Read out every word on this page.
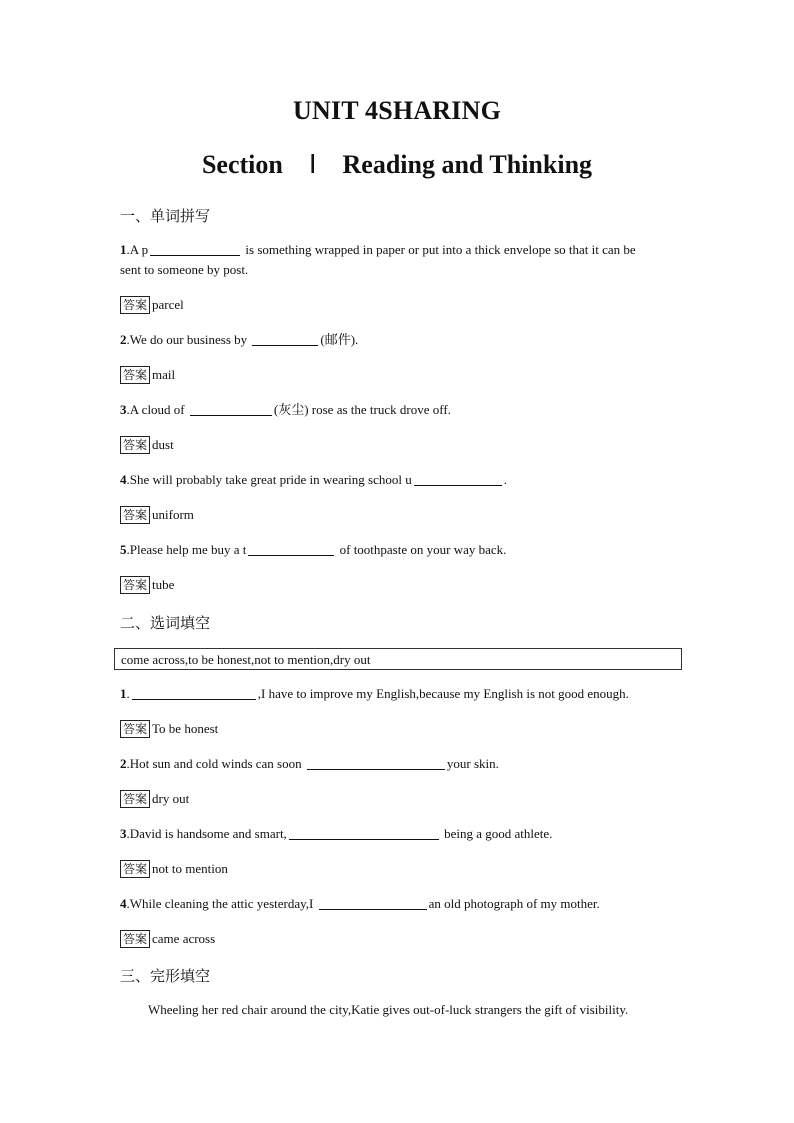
UNIT 4SHARING
Section Ⅰ Reading and Thinking
一、单词拼写
1.A p	is something wrapped in paper or put into a thick envelope so that it can be
sent to someone by post.
答案 parcel
2.We do our business by	(邮件).
答案 mail
3.A cloud of	(灰尘) rose as the truck drove off.
答案 dust
4.She will probably take great pride in wearing school u	.
答案 uniform
5.Please help me buy a t	of toothpaste on your way back.
答案 tube
二、选词填空
come across,to be honest,not to mention,dry out
1.	,I have to improve my English,because my English is not good enough.
答案 To be honest
2.Hot sun and cold winds can soon	your skin.
答案 dry out
3.David is handsome and smart,	being a good athlete.
答案 not to mention
4.While cleaning the attic yesterday,I	an old photograph of my mother.
答案 came across
三、完形填空
Wheeling her red chair around the city,Katie gives out-of-luck strangers the gift of visibility.
